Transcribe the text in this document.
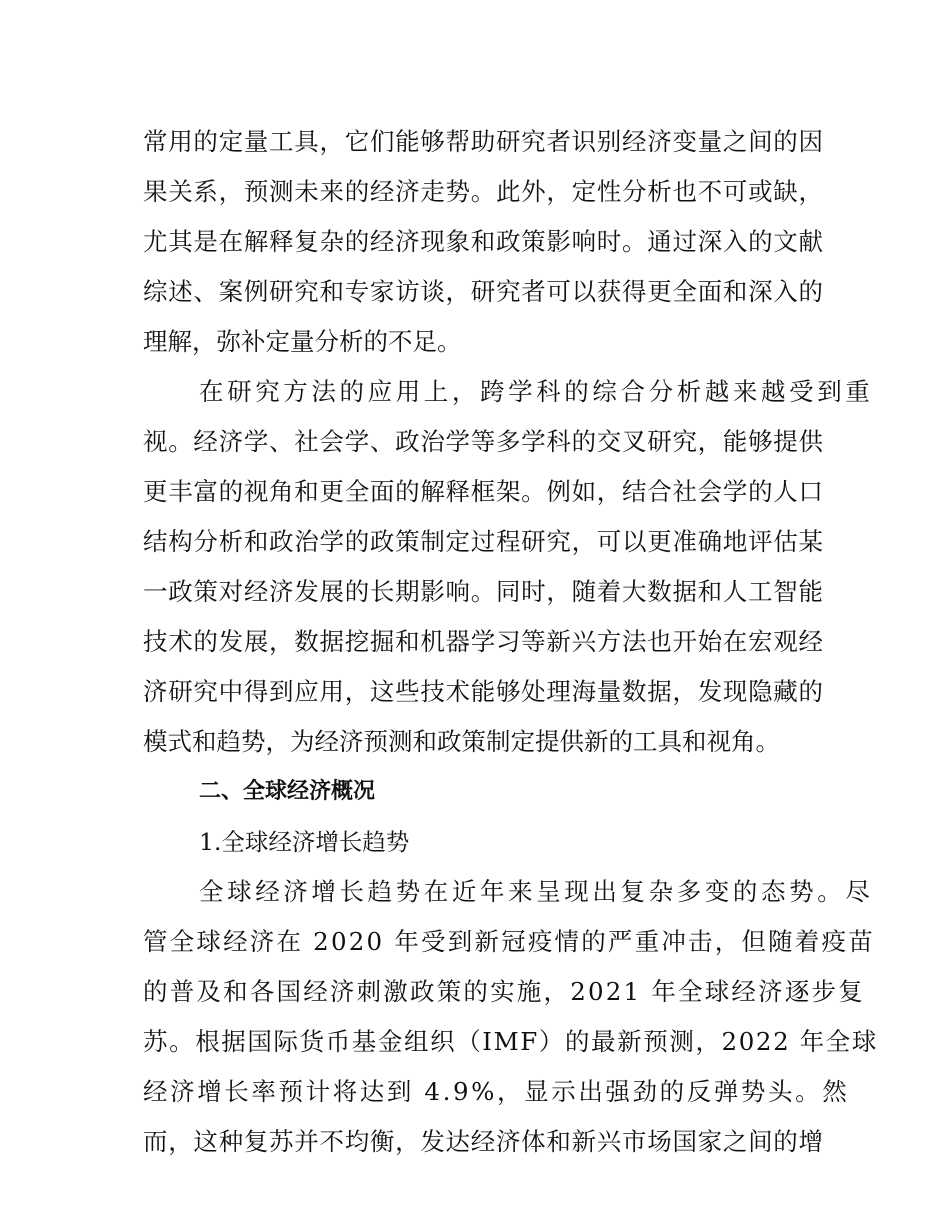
常用的定量工具，它们能够帮助研究者识别经济变量之间的因
果关系，预测未来的经济走势。此外，定性分析也不可或缺，
尤其是在解释复杂的经济现象和政策影响时。通过深入的文献
综述、案例研究和专家访谈，研究者可以获得更全面和深入的
理解，弥补定量分析的不足。
在研究方法的应用上，跨学科的综合分析越来越受到重
视。经济学、社会学、政治学等多学科的交叉研究，能够提供
更丰富的视角和更全面的解释框架。例如，结合社会学的人口
结构分析和政治学的政策制定过程研究，可以更准确地评估某
一政策对经济发展的长期影响。同时，随着大数据和人工智能
技术的发展，数据挖掘和机器学习等新兴方法也开始在宏观经
济研究中得到应用，这些技术能够处理海量数据，发现隐藏的
模式和趋势，为经济预测和政策制定提供新的工具和视角。
二、全球经济概况
1.全球经济增长趋势
全球经济增长趋势在近年来呈现出复杂多变的态势。尽
管全球经济在 2020 年受到新冠疫情的严重冲击，但随着疫苗
的普及和各国经济刺激政策的实施，2021 年全球经济逐步复
苏。根据国际货币基金组织（IMF）的最新预测，2022 年全球
经济增长率预计将达到 4.9%，显示出强劲的反弹势头。然
而，这种复苏并不均衡，发达经济体和新兴市场国家之间的增
